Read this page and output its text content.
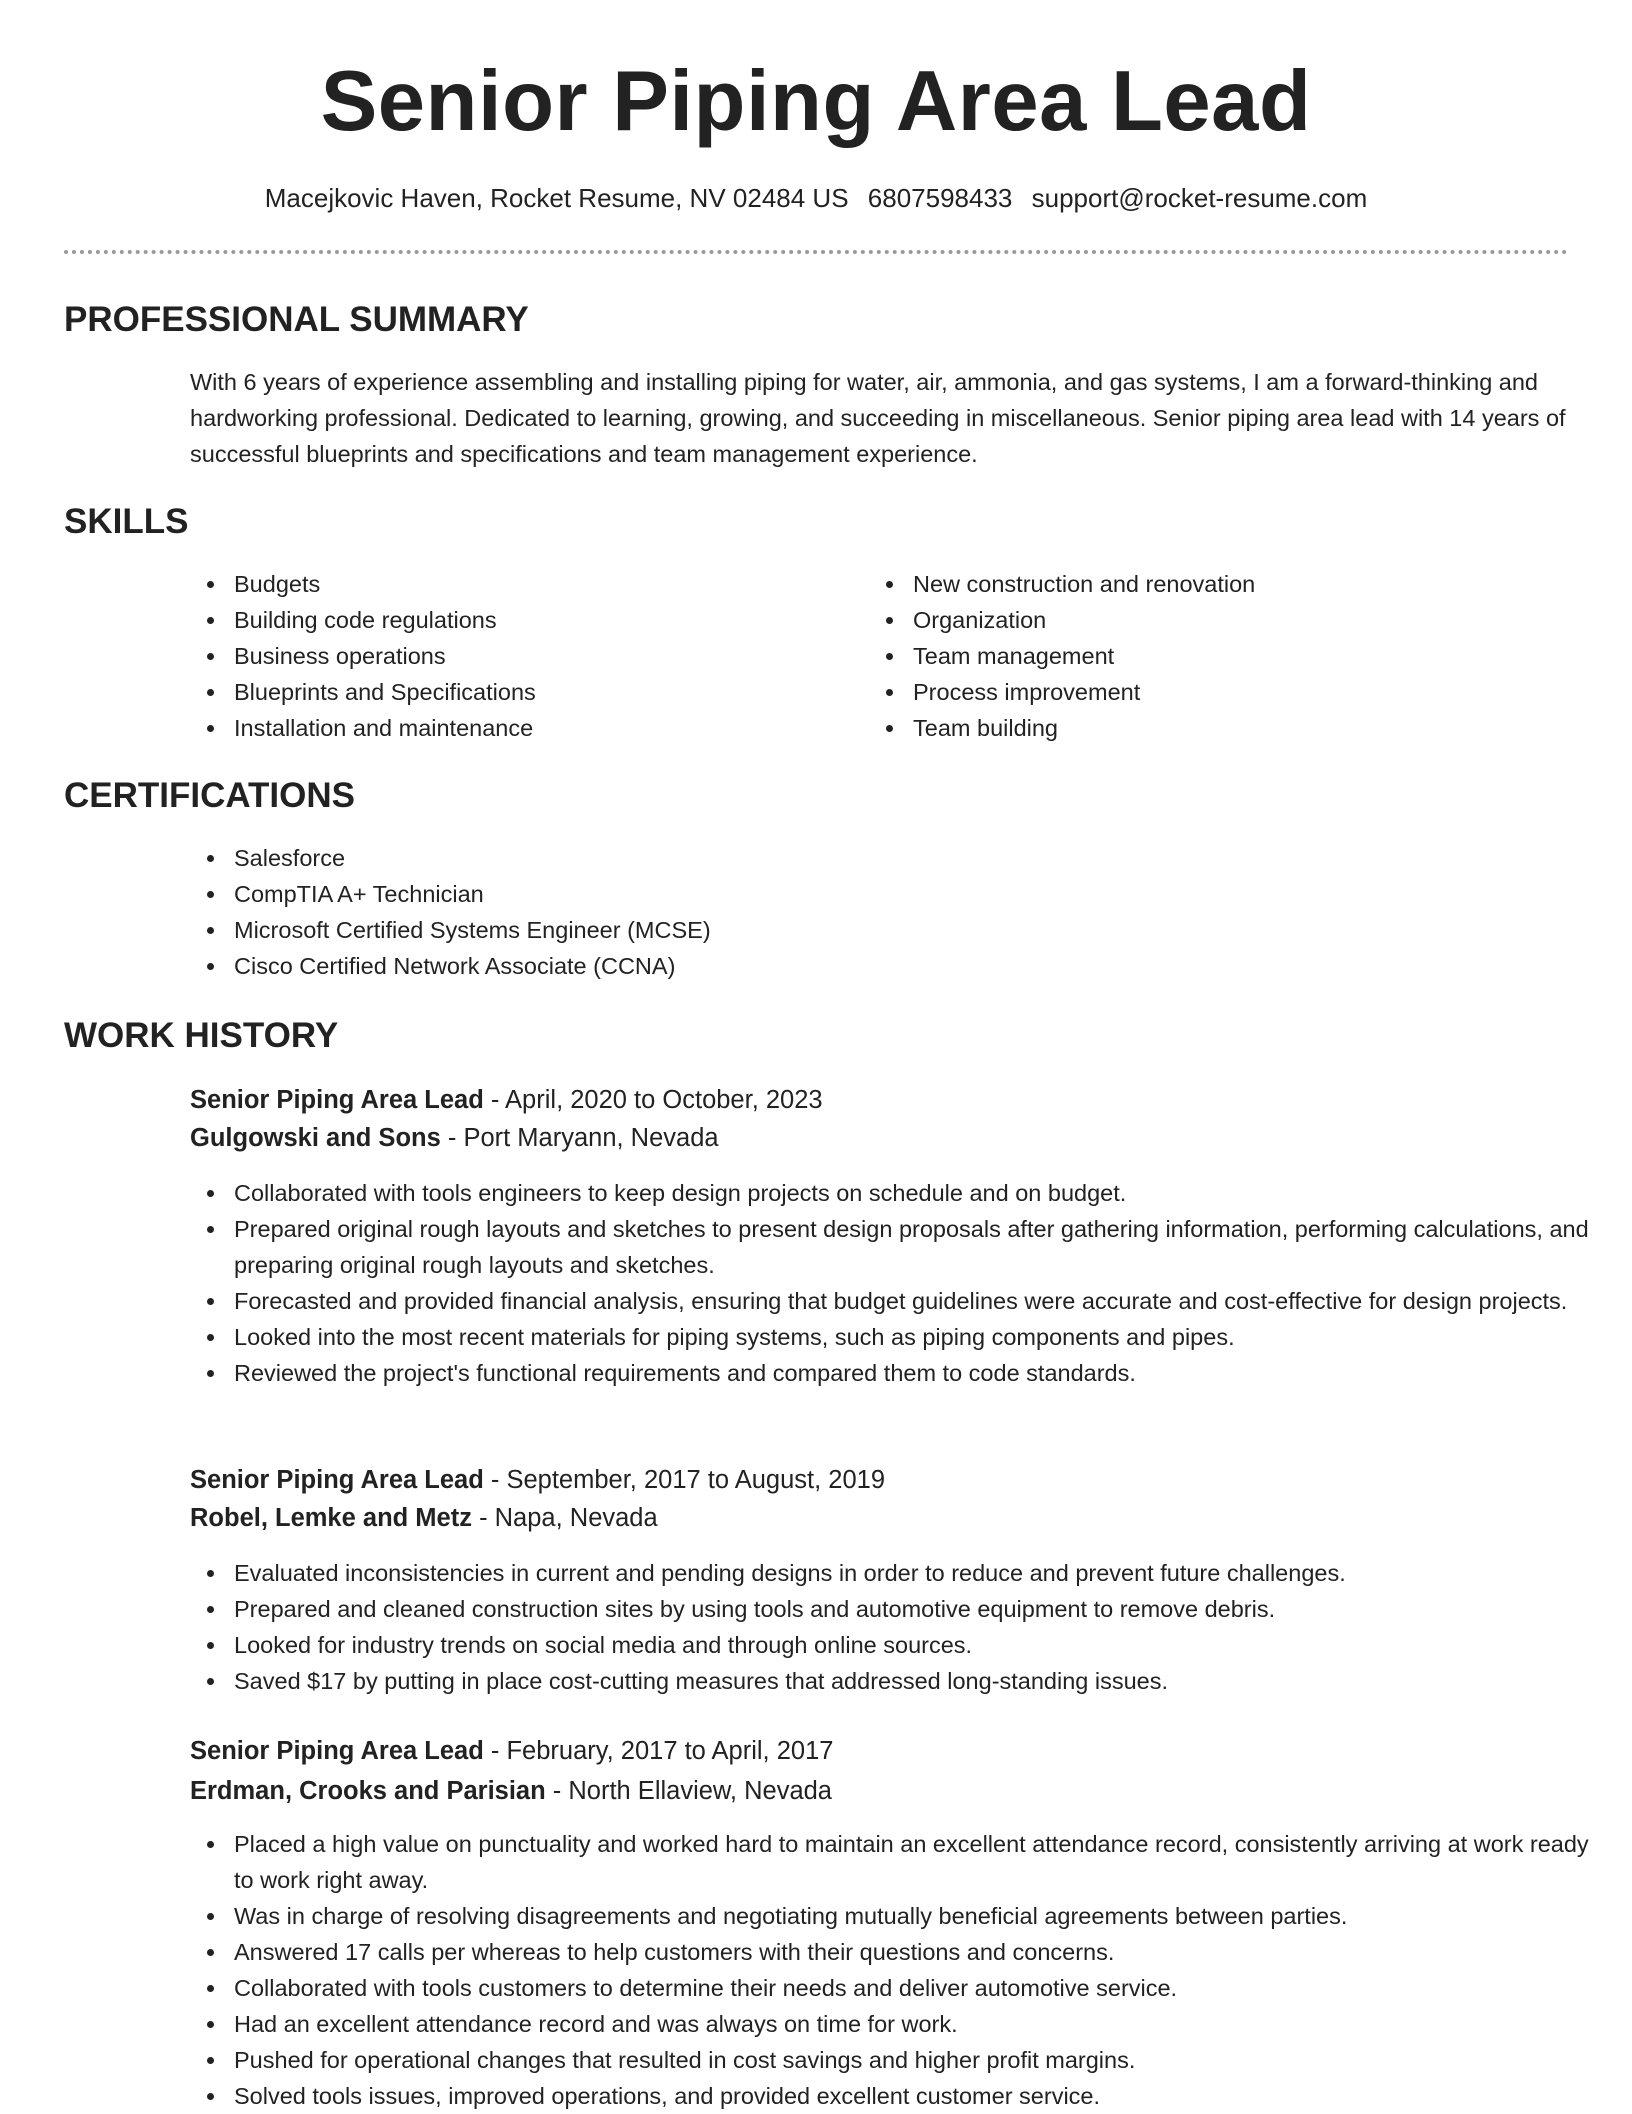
Senior Piping Area Lead
Macejkovic Haven, Rocket Resume, NV 02484 US 6807598433 support@rocket-resume.com
PROFESSIONAL SUMMARY

With 6 years of experience assembling and installing piping for water, air, ammonia, and gas systems, I am a forward-thinking and hardworking professional. Dedicated to learning, growing, and succeeding in miscellaneous. Senior piping area lead with 14 years of successful blueprints and specifications and team management experience.

SKILLS
Budgets
Building code regulations
Business operations
Blueprints and Specifications
Installation and maintenance
New construction and renovation
Organization
Team management
Process improvement
Team building
CERTIFICATIONS
Salesforce
CompTIA A+ Technician
Microsoft Certified Systems Engineer (MCSE)
Cisco Certified Network Associate (CCNA)
WORK HISTORY
Senior Piping Area Lead - April, 2020 to October, 2023
Gulgowski and Sons - Port Maryann, Nevada
Collaborated with tools engineers to keep design projects on schedule and on budget.
Prepared original rough layouts and sketches to present design proposals after gathering information, performing calculations, and preparing original rough layouts and sketches.
Forecasted and provided financial analysis, ensuring that budget guidelines were accurate and cost-effective for design projects.
Looked into the most recent materials for piping systems, such as piping components and pipes.
Reviewed the project's functional requirements and compared them to code standards.
Senior Piping Area Lead - September, 2017 to August, 2019
Robel, Lemke and Metz - Napa, Nevada
Evaluated inconsistencies in current and pending designs in order to reduce and prevent future challenges.
Prepared and cleaned construction sites by using tools and automotive equipment to remove debris.
Looked for industry trends on social media and through online sources.
Saved $17 by putting in place cost-cutting measures that addressed long-standing issues.
Senior Piping Area Lead - February, 2017 to April, 2017
Erdman, Crooks and Parisian - North Ellaview, Nevada
Placed a high value on punctuality and worked hard to maintain an excellent attendance record, consistently arriving at work ready to work right away.
Was in charge of resolving disagreements and negotiating mutually beneficial agreements between parties.
Answered 17 calls per whereas to help customers with their questions and concerns.
Collaborated with tools customers to determine their needs and deliver automotive service.
Had an excellent attendance record and was always on time for work.
Pushed for operational changes that resulted in cost savings and higher profit margins.
Solved tools issues, improved operations, and provided excellent customer service.
